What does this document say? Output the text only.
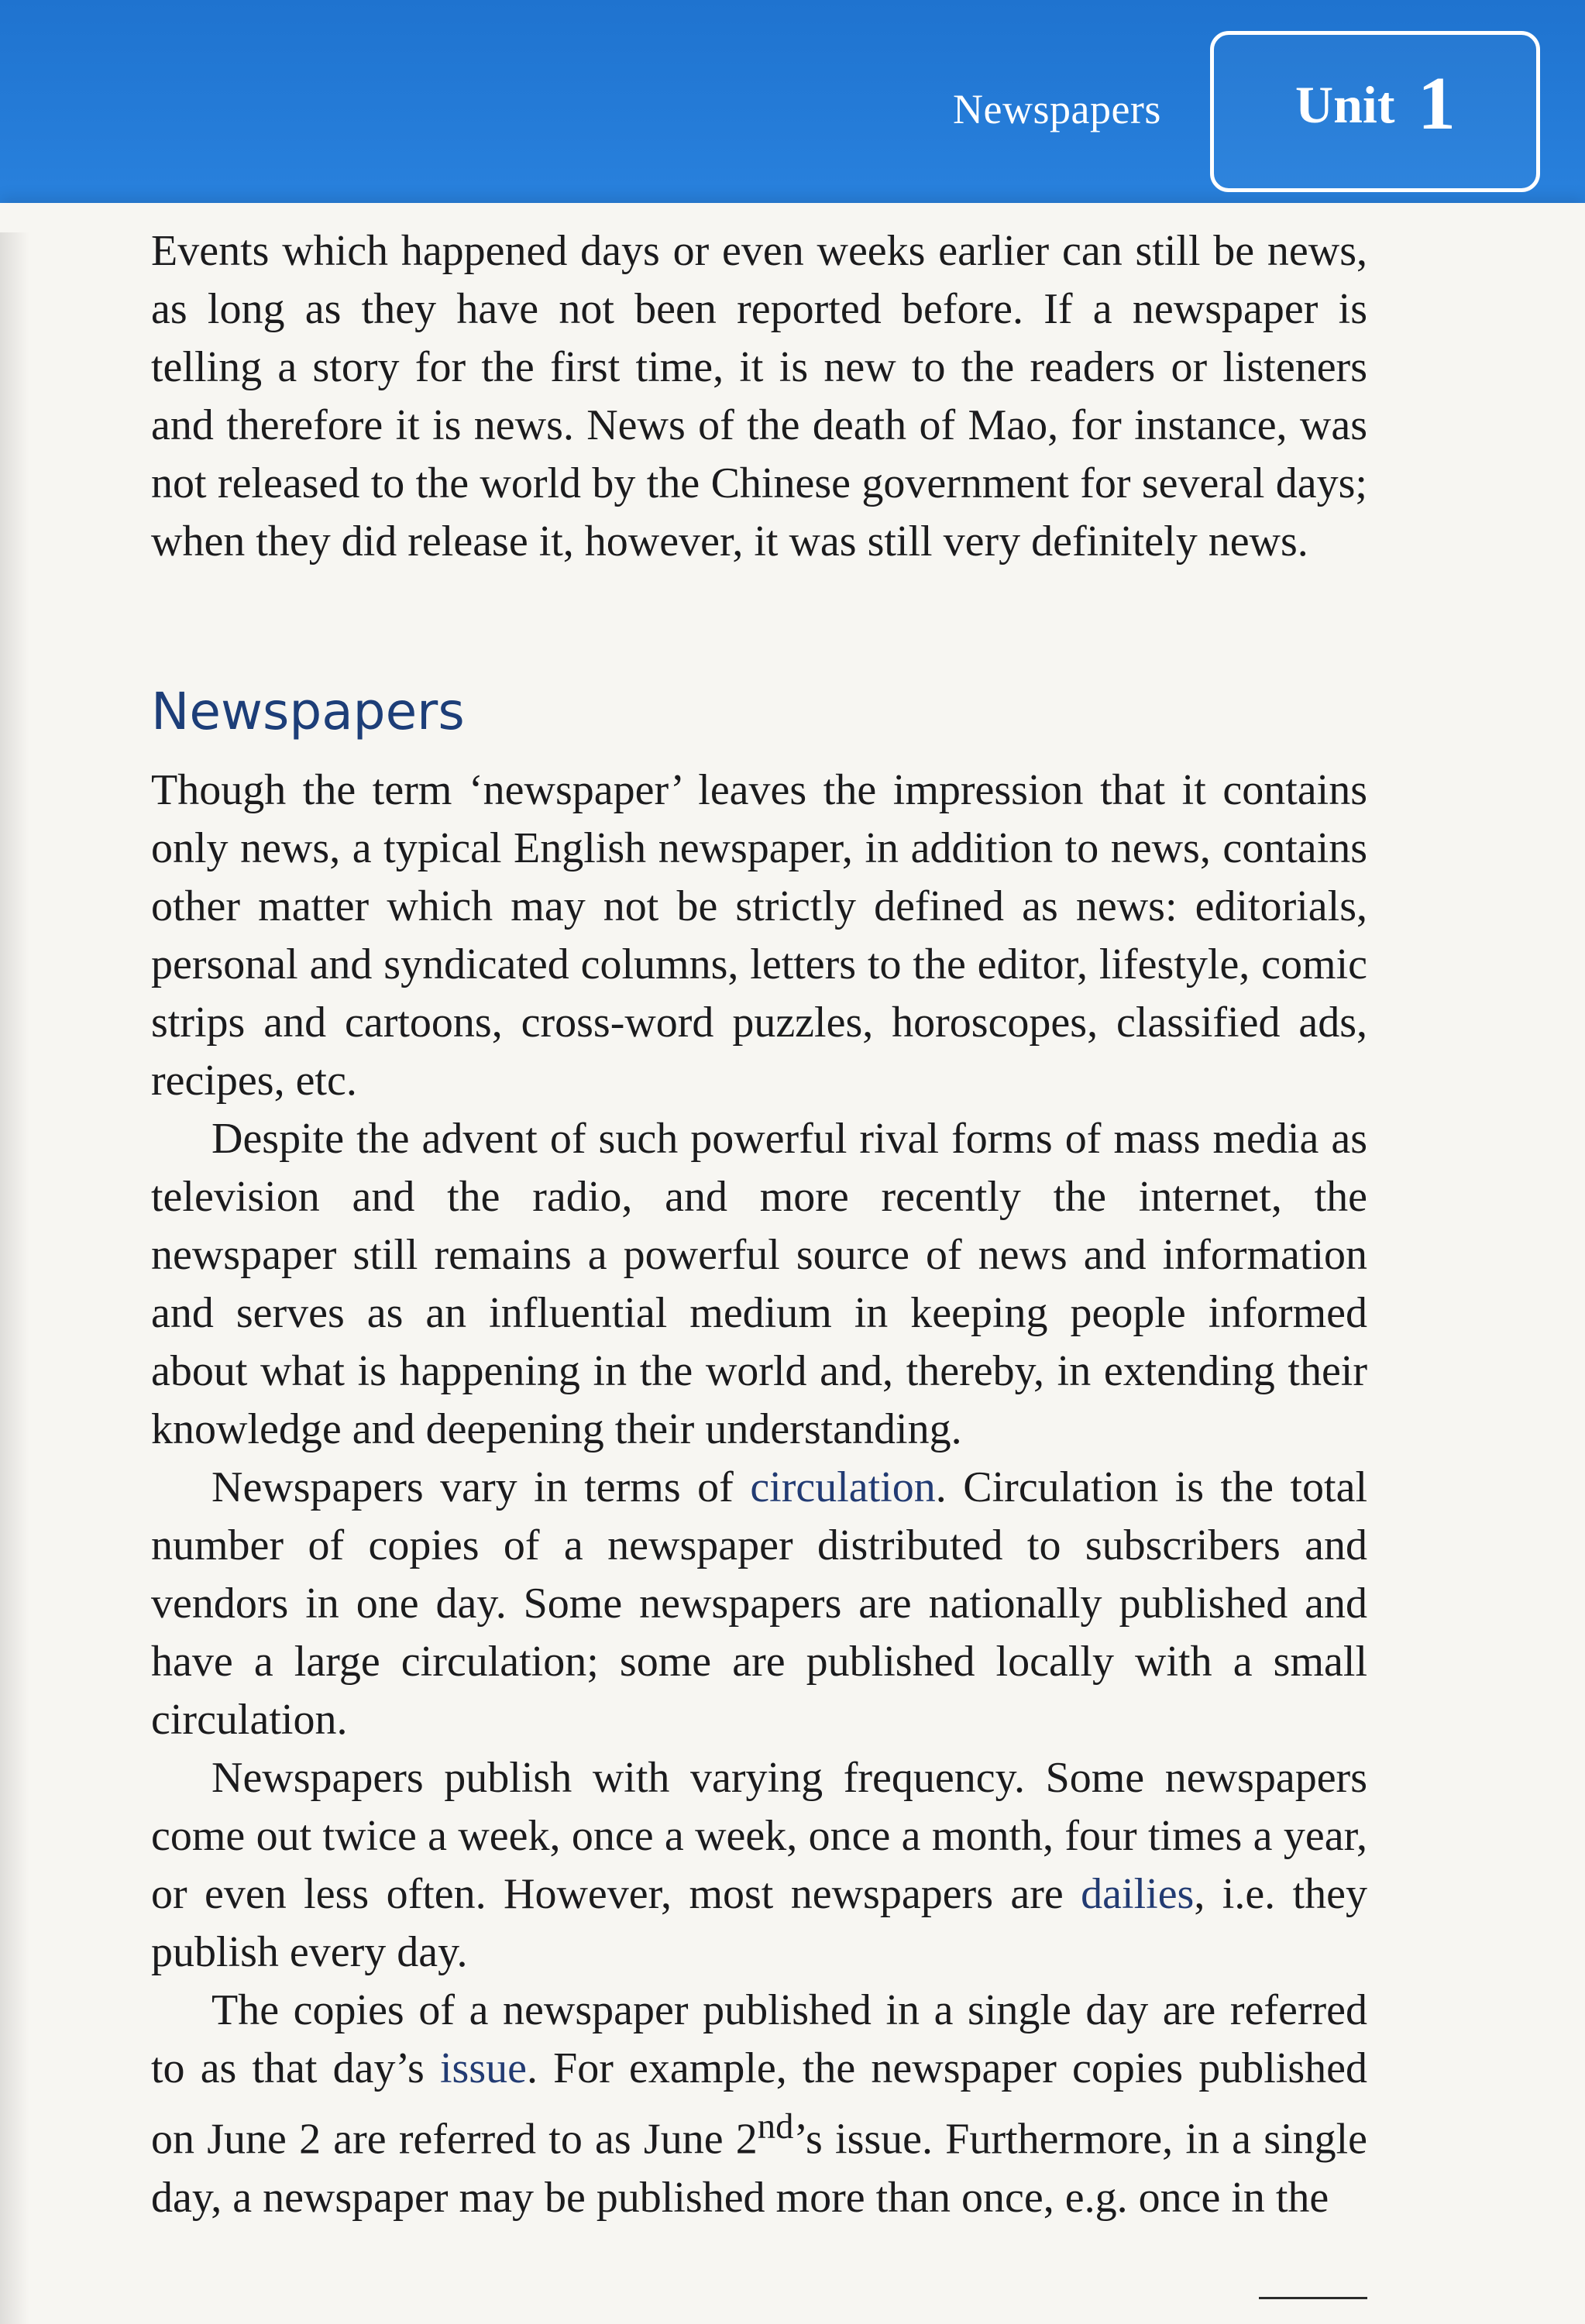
Newspapers	Unit 1

Events which happened days or even weeks earlier can still be news, as long as they have not been reported before. If a newspaper is telling a story for the first time, it is new to the readers or listeners and therefore it is news. News of the death of Mao, for instance, was not released to the world by the Chinese government for several days; when they did release it, however, it was still very definitely news.

Newspapers

Though the term ‘newspaper’ leaves the impression that it contains only news, a typical English newspaper, in addition to news, contains other matter which may not be strictly defined as news: editorials, personal and syndicated columns, letters to the editor, lifestyle, comic strips and cartoons, cross-word puzzles, horoscopes, classified ads, recipes, etc.

Despite the advent of such powerful rival forms of mass media as television and the radio, and more recently the internet, the newspaper still remains a powerful source of news and information and serves as an influential medium in keeping people informed about what is happening in the world and, thereby, in extending their knowledge and deepening their understanding.

Newspapers vary in terms of circulation. Circulation is the total number of copies of a newspaper distributed to subscribers and vendors in one day. Some newspapers are nationally published and have a large circulation; some are published locally with a small circulation.

Newspapers publish with varying frequency. Some newspapers come out twice a week, once a week, once a month, four times a year, or even less often. However, most newspapers are dailies, i.e. they publish every day.

The copies of a newspaper published in a single day are referred to as that day’s issue. For example, the newspaper copies published on June 2 are referred to as June 2nd’s issue. Furthermore, in a single day, a newspaper may be published more than once, e.g. once in the
